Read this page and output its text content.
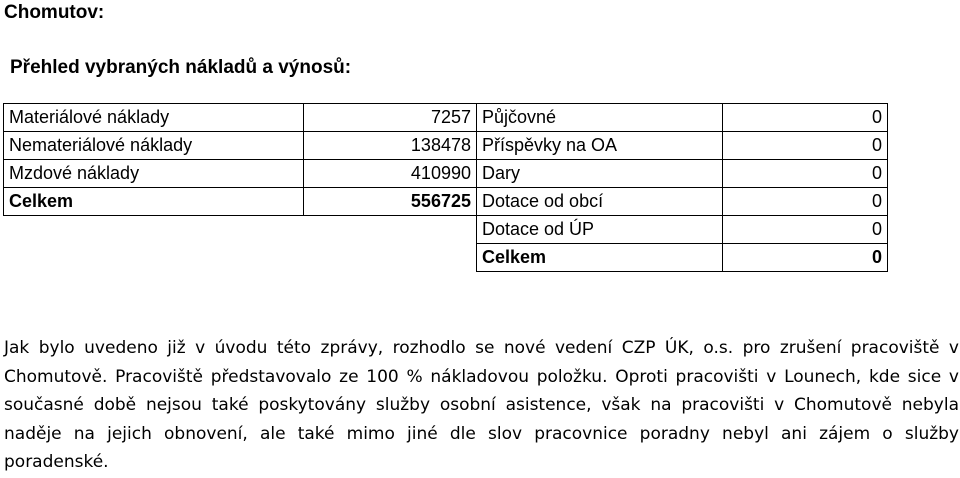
Chomutov:
Přehled vybraných nákladů a výnosů:
Materiálové náklady	7257	Půjčovné	0
Nemateriálové náklady	138478	Příspěvky na OA	0
Mzdové náklady	410990	Dary	0
Celkem	556725	Dotace od obcí	0
		Dotace od ÚP	0
		Celkem	0
Jak bylo uvedeno již v úvodu této zprávy, rozhodlo se nové vedení CZP ÚK, o.s. pro zrušení pracoviště v Chomutově. Pracoviště představovalo ze 100 % nákladovou položku. Oproti pracovišti v Lounech, kde sice v současné době nejsou také poskytovány služby osobní asistence, však na pracovišti v Chomutově nebyla naděje na jejich obnovení, ale také mimo jiné dle slov pracovnice poradny nebyl ani zájem o služby poradenské.
